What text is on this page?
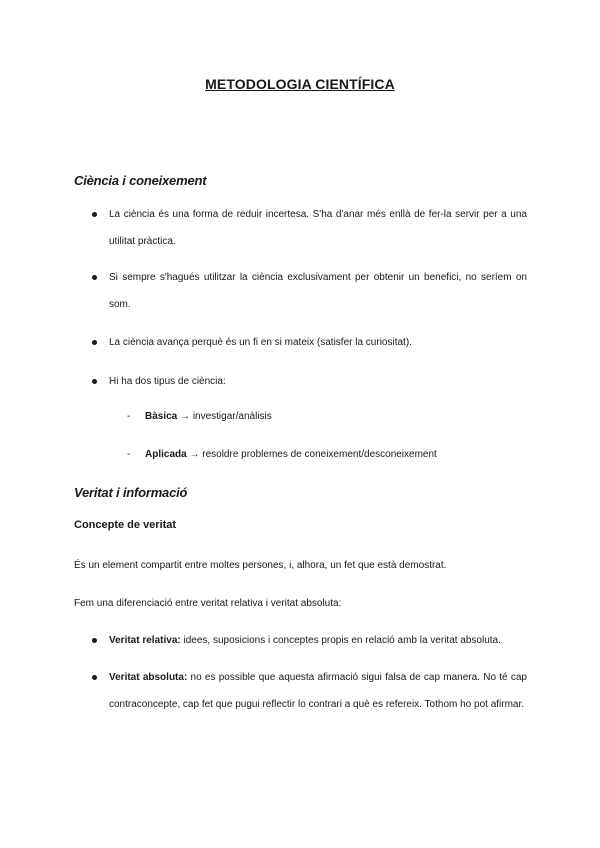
METODOLOGIA CIENTÍFICA
Ciència i coneixement
La ciència és una forma de reduir incertesa. S'ha d'anar més enllà de fer-la servir per a una utilitat pràctica.
Si sempre s'hagués utilitzar la ciència exclusivament per obtenir un benefici, no seríem on som.
La ciència avança perquè és un fi en si mateix (satisfer la curiositat).
Hi ha dos tipus de ciència:
- Bàsica → investigar/anàlisis
- Aplicada → resoldre problemes de coneixement/desconeixement
Veritat i informació
Concepte de veritat
És un element compartit entre moltes persones, i, alhora, un fet que està demostrat.
Fem una diferenciació entre veritat relativa i veritat absoluta:
Veritat relativa: idees, suposicions i conceptes propis en relació amb la veritat absoluta.
Veritat absoluta: no es possible que aquesta afirmació sigui falsa de cap manera. No té cap contraconcepte, cap fet que pugui reflectir lo contrari a què es refereix. Tothom ho pot afirmar.
